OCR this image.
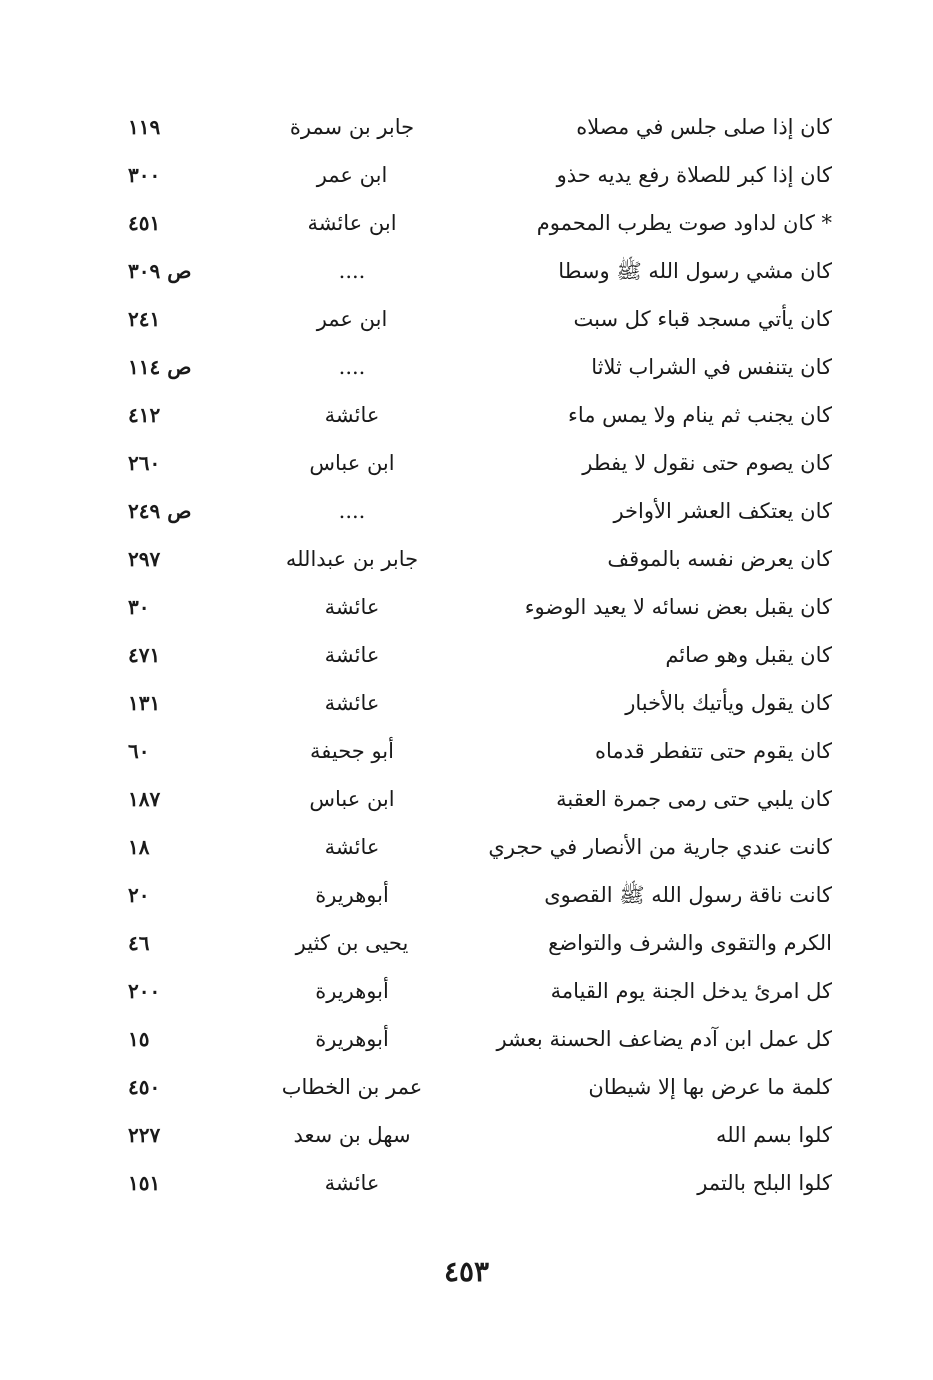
كان إذا صلى جلس في مصلاه
جابر بن سمرة
١١٩
كان إذا كبر للصلاة رفع يديه حذو
ابن عمر
٣٠٠
* كان لداود صوت يطرب المحموم
ابن عائشة
٤٥١
كان مشي رسول الله ﷺ وسطا
....
ص ٣٠٩
كان يأتي مسجد قباء كل سبت
ابن عمر
٢٤١
كان يتنفس في الشراب ثلاثا
....
ص ١١٤
كان يجنب ثم ينام ولا يمس ماء
عائشة
٤١٢
كان يصوم حتى نقول لا يفطر
ابن عباس
٢٦٠
كان يعتكف العشر الأواخر
....
ص ٢٤٩
كان يعرض نفسه بالموقف
جابر بن عبدالله
٢٩٧
كان يقبل بعض نسائه لا يعيد الوضوء
عائشة
٣٠
كان يقبل وهو صائم
عائشة
٤٧١
كان يقول ويأتيك بالأخبار
عائشة
١٣١
كان يقوم حتى تتفطر قدماه
أبو جحيفة
٦٠
كان يلبي حتى رمى جمرة العقبة
ابن عباس
١٨٧
كانت عندي جارية من الأنصار في حجري
عائشة
١٨
كانت ناقة رسول الله ﷺ القصوى
أبوهريرة
٢٠
الكرم والتقوى والشرف والتواضع
يحيى بن كثير
٤٦
كل امرئ يدخل الجنة يوم القيامة
أبوهريرة
٢٠٠
كل عمل ابن آدم يضاعف الحسنة بعشر
أبوهريرة
١٥
كلمة ما عرض بها إلا شيطان
عمر بن الخطاب
٤٥٠
كلوا بسم الله
سهل بن سعد
٢٢٧
كلوا البلح بالتمر
عائشة
١٥١
٤٥٣
